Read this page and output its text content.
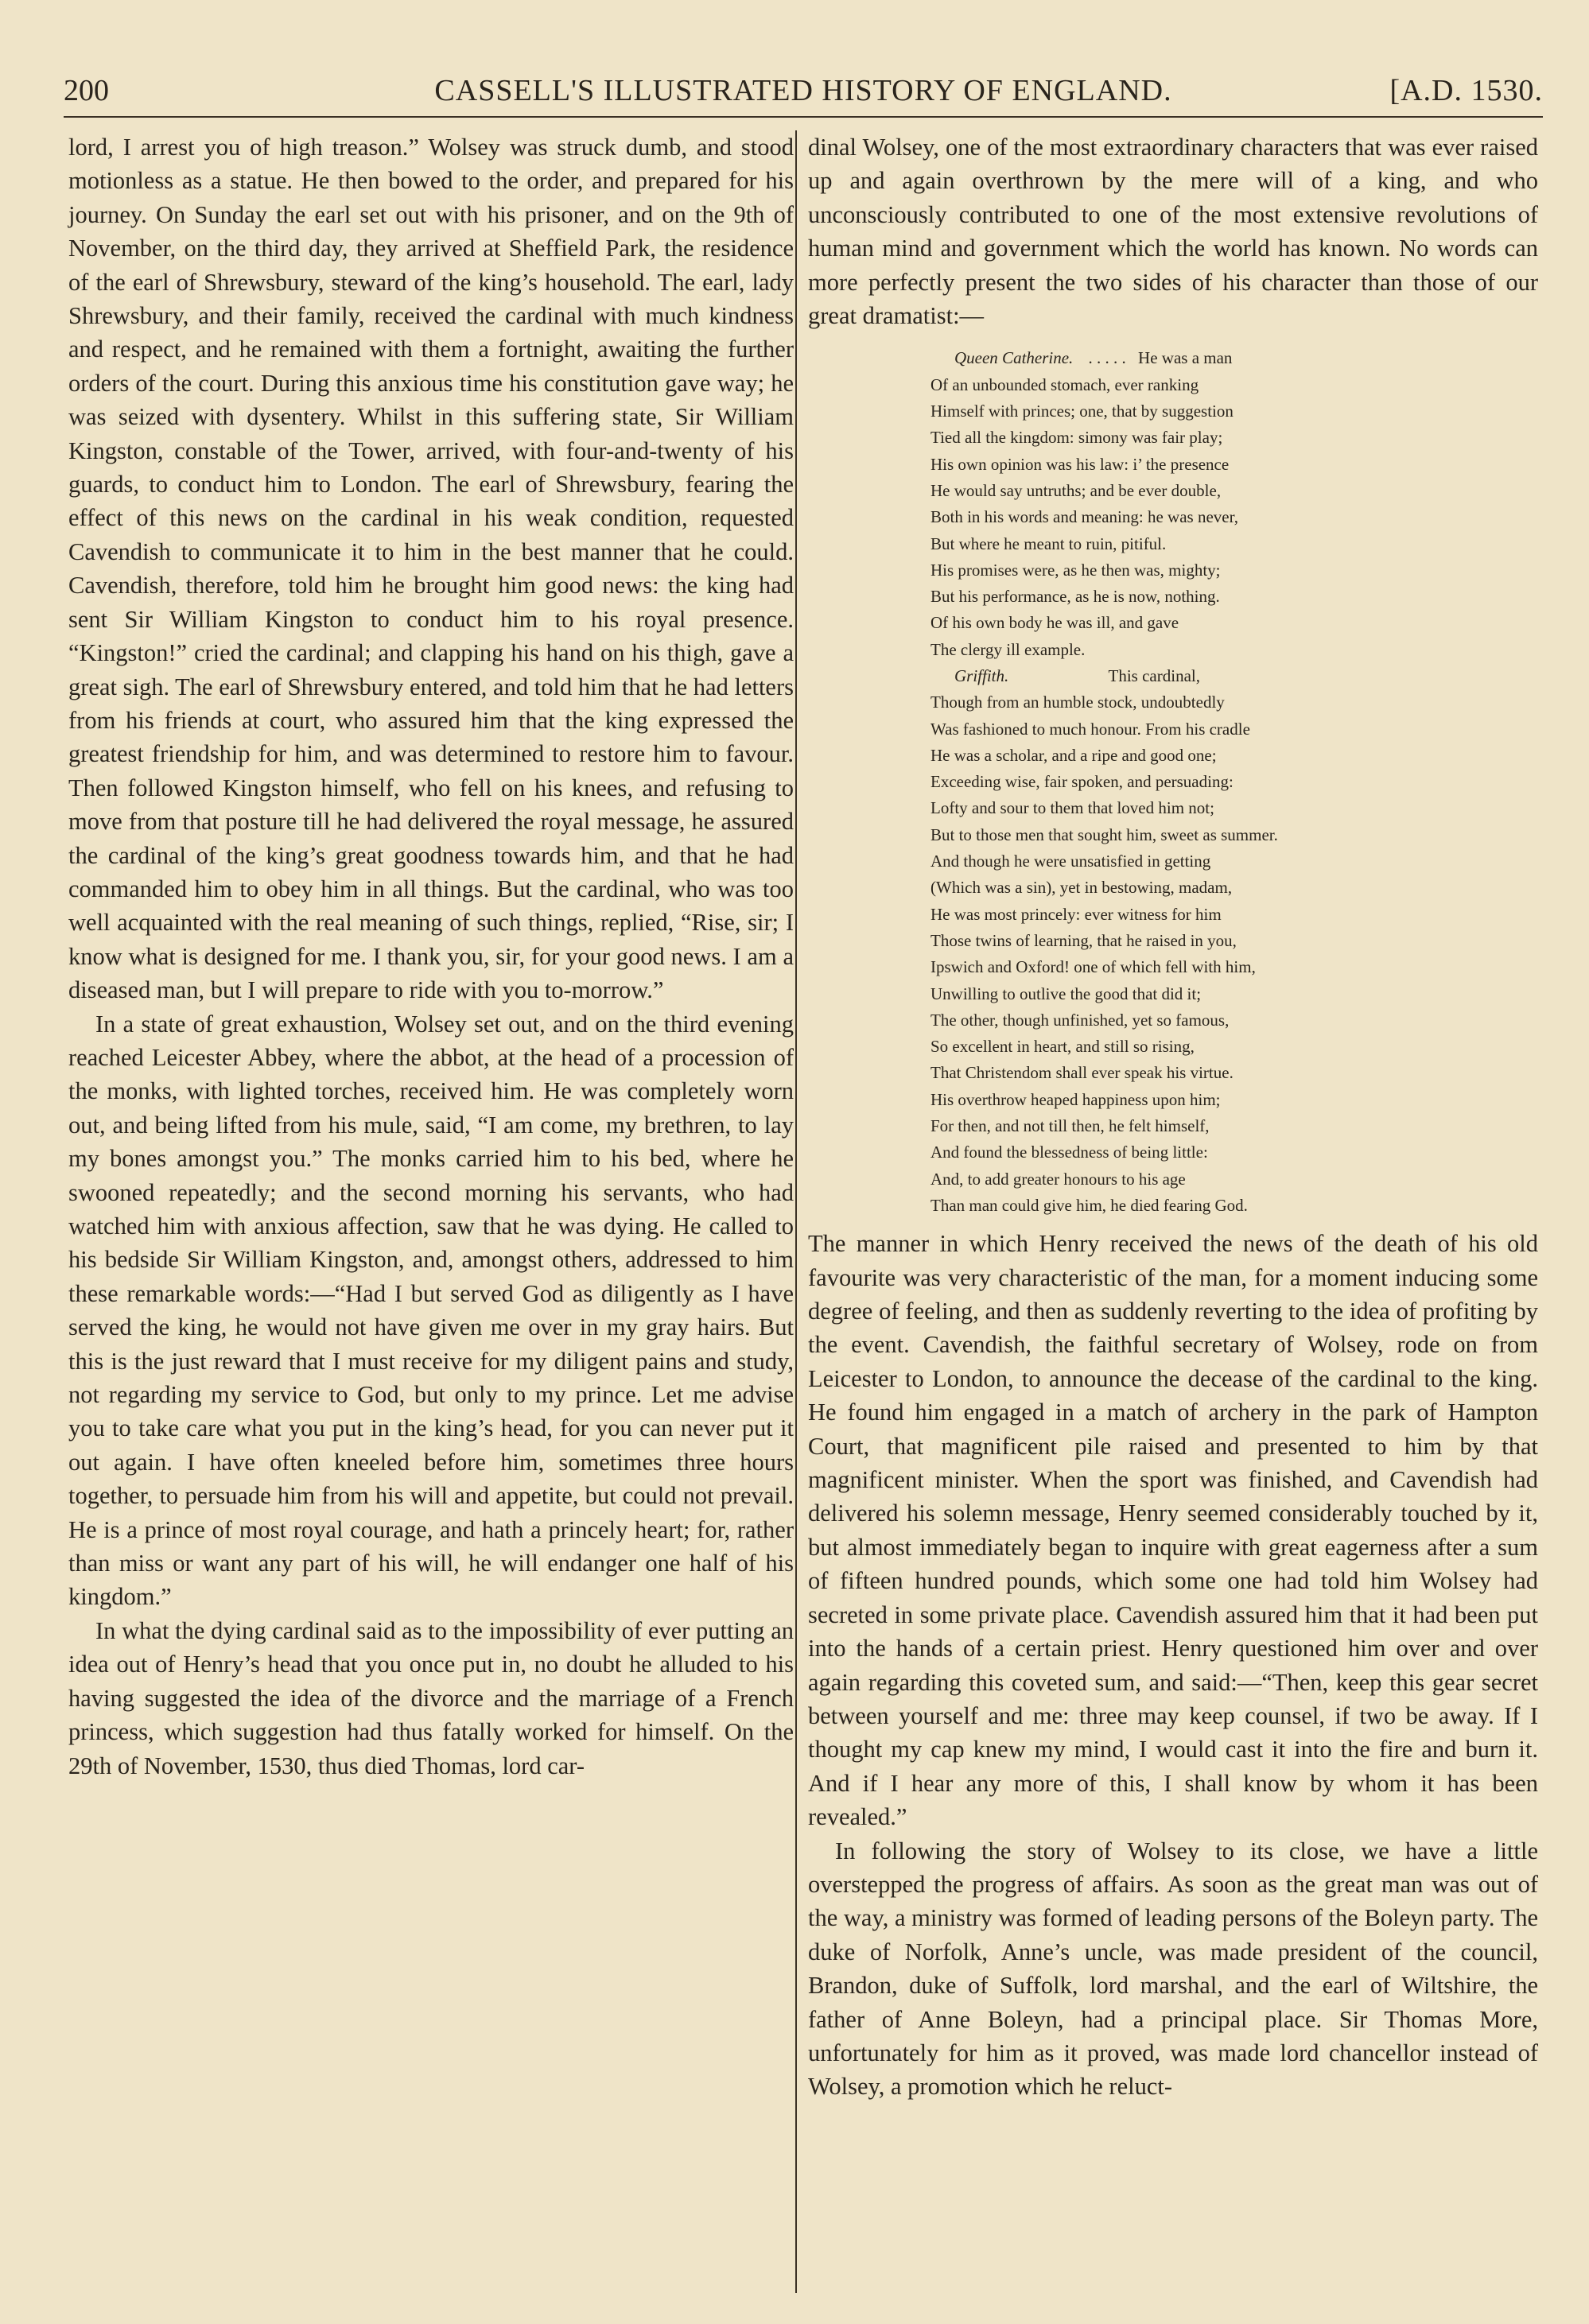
200	CASSELL'S ILLUSTRATED HISTORY OF ENGLAND.	[A.D. 1530.

lord, I arrest you of high treason.” Wolsey was struck dumb, and stood motionless as a statue. He then bowed to the order, and prepared for his journey. On Sunday the earl set out with his prisoner, and on the 9th of November, on the third day, they arrived at Sheffield Park, the residence of the earl of Shrewsbury, steward of the king’s household. The earl, lady Shrewsbury, and their family, received the cardinal with much kindness and respect, and he remained with them a fortnight, awaiting the further orders of the court. During this anxious time his constitution gave way; he was seized with dysentery. Whilst in this suffering state, Sir William Kingston, constable of the Tower, arrived, with four-and-twenty of his guards, to conduct him to London. The earl of Shrewsbury, fearing the effect of this news on the cardinal in his weak condition, requested Cavendish to communicate it to him in the best manner that he could. Cavendish, therefore, told him he brought him good news: the king had sent Sir William Kingston to conduct him to his royal presence. “Kingston!” cried the cardinal; and clapping his hand on his thigh, gave a great sigh. The earl of Shrewsbury entered, and told him that he had letters from his friends at court, who assured him that the king expressed the greatest friendship for him, and was determined to restore him to favour. Then followed Kingston himself, who fell on his knees, and refusing to move from that posture till he had delivered the royal message, he assured the cardinal of the king’s great goodness towards him, and that he had commanded him to obey him in all things. But the cardinal, who was too well acquainted with the real meaning of such things, replied, “Rise, sir; I know what is designed for me. I thank you, sir, for your good news. I am a diseased man, but I will prepare to ride with you to-morrow.”

In a state of great exhaustion, Wolsey set out, and on the third evening reached Leicester Abbey, where the abbot, at the head of a procession of the monks, with lighted torches, received him. He was completely worn out, and being lifted from his mule, said, “I am come, my brethren, to lay my bones amongst you.” The monks carried him to his bed, where he swooned repeatedly; and the second morning his servants, who had watched him with anxious affection, saw that he was dying. He called to his bedside Sir William Kingston, and, amongst others, addressed to him these remarkable words:—“Had I but served God as diligently as I have served the king, he would not have given me over in my gray hairs. But this is the just reward that I must receive for my diligent pains and study, not regarding my service to God, but only to my prince. Let me advise you to take care what you put in the king’s head, for you can never put it out again. I have often kneeled before him, sometimes three hours together, to persuade him from his will and appetite, but could not prevail. He is a prince of most royal courage, and hath a princely heart; for, rather than miss or want any part of his will, he will endanger one half of his kingdom.”

In what the dying cardinal said as to the impossibility of ever putting an idea out of Henry’s head that you once put in, no doubt he alluded to his having suggested the idea of the divorce and the marriage of a French princess, which suggestion had thus fatally worked for himself. On the 29th of November, 1530, thus died Thomas, lord car-

dinal Wolsey, one of the most extraordinary characters that was ever raised up and again overthrown by the mere will of a king, and who unconsciously contributed to one of the most extensive revolutions of human mind and government which the world has known. No words can more perfectly present the two sides of his character than those of our great dramatist:—

Queen Catherine. . . . . . He was a man
Of an unbounded stomach, ever ranking
Himself with princes; one, that by suggestion
Tied all the kingdom: simony was fair play;
His own opinion was his law: i’ the presence
He would say untruths; and be ever double,
Both in his words and meaning: he was never,
But where he meant to ruin, pitiful.
His promises were, as he then was, mighty;
But his performance, as he is now, nothing.
Of his own body he was ill, and gave
The clergy ill example.
Griffith.	This cardinal,
Though from an humble stock, undoubtedly
Was fashioned to much honour. From his cradle
He was a scholar, and a ripe and good one;
Exceeding wise, fair spoken, and persuading:
Lofty and sour to them that loved him not;
But to those men that sought him, sweet as summer.
And though he were unsatisfied in getting
(Which was a sin), yet in bestowing, madam,
He was most princely: ever witness for him
Those twins of learning, that he raised in you,
Ipswich and Oxford! one of which fell with him,
Unwilling to outlive the good that did it;
The other, though unfinished, yet so famous,
So excellent in heart, and still so rising,
That Christendom shall ever speak his virtue.
His overthrow heaped happiness upon him;
For then, and not till then, he felt himself,
And found the blessedness of being little:
And, to add greater honours to his age
Than man could give him, he died fearing God.

The manner in which Henry received the news of the death of his old favourite was very characteristic of the man, for a moment inducing some degree of feeling, and then as suddenly reverting to the idea of profiting by the event. Cavendish, the faithful secretary of Wolsey, rode on from Leicester to London, to announce the decease of the cardinal to the king. He found him engaged in a match of archery in the park of Hampton Court, that magnificent pile raised and presented to him by that magnificent minister. When the sport was finished, and Cavendish had delivered his solemn message, Henry seemed considerably touched by it, but almost immediately began to inquire with great eagerness after a sum of fifteen hundred pounds, which some one had told him Wolsey had secreted in some private place. Cavendish assured him that it had been put into the hands of a certain priest. Henry questioned him over and over again regarding this coveted sum, and said:—“Then, keep this gear secret between yourself and me: three may keep counsel, if two be away. If I thought my cap knew my mind, I would cast it into the fire and burn it. And if I hear any more of this, I shall know by whom it has been revealed.”

In following the story of Wolsey to its close, we have a little overstepped the progress of affairs. As soon as the great man was out of the way, a ministry was formed of leading persons of the Boleyn party. The duke of Norfolk, Anne’s uncle, was made president of the council, Brandon, duke of Suffolk, lord marshal, and the earl of Wiltshire, the father of Anne Boleyn, had a principal place. Sir Thomas More, unfortunately for him as it proved, was made lord chancellor instead of Wolsey, a promotion which he reluct-
